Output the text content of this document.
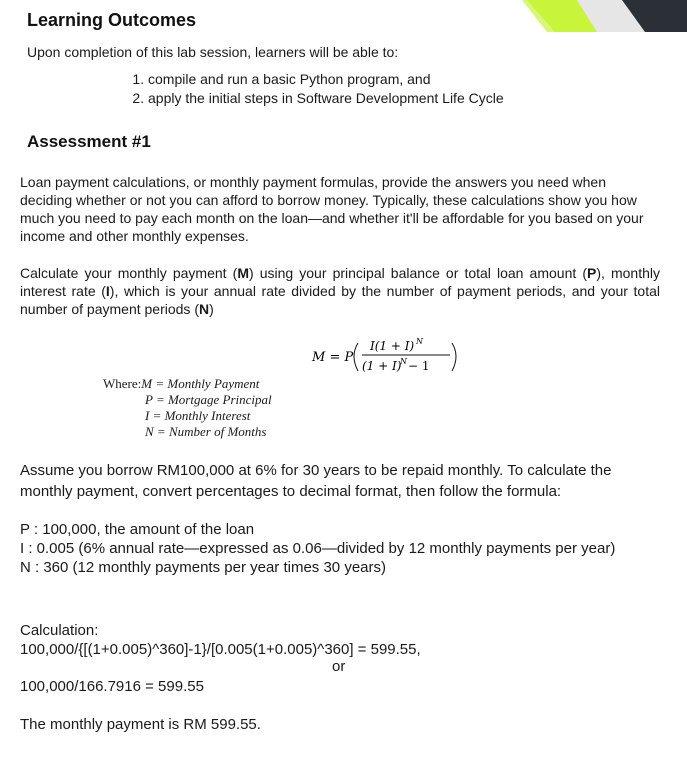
Learning Outcomes
Upon completion of this lab session, learners will be able to:
1. compile and run a basic Python program, and
2. apply the initial steps in Software Development Life Cycle
Assessment #1

Loan payment calculations, or monthly payment formulas, provide the answers you need when deciding whether or not you can afford to borrow money. Typically, these calculations show you how much you need to pay each month on the loan—and whether it'll be affordable for you based on your income and other monthly expenses.

Calculate your monthly payment (M) using your principal balance or total loan amount (P), monthly interest rate (I), which is your annual rate divided by the number of payment periods, and your total number of payment periods (N)

M = P
I(1 + I) N
(1 + I)
N − 1
Where:M = Monthly Payment
P = Mortgage Principal
I = Monthly Interest
N = Number of Months

Assume you borrow RM100,000 at 6% for 30 years to be repaid monthly. To calculate the monthly payment, convert percentages to decimal format, then follow the formula:

P : 100,000, the amount of the loan
I : 0.005 (6% annual rate—expressed as 0.06—divided by 12 monthly payments per year)
N : 360 (12 monthly payments per year times 30 years)
Calculation:
100,000/{[(1+0.005)^360]-1}/[0.005(1+0.005)^360] = 599.55,
or
100,000/166.7916 = 599.55
The monthly payment is RM 599.55.
